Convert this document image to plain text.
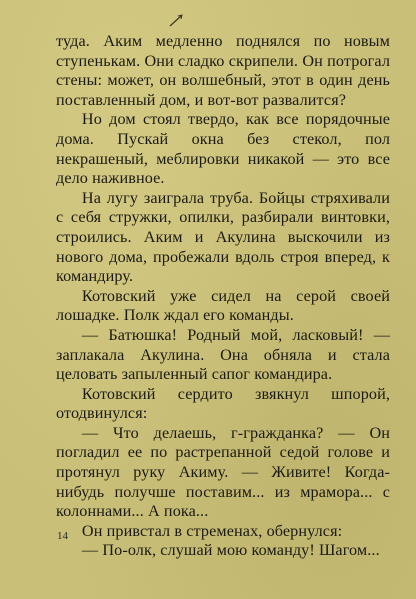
туда. Аким медленно поднялся по новым ступенькам. Они сладко скрипели. Он потрогал стены: может, он волшебный, этот в один день поставленный дом, и вот-вот развалится?

Но дом стоял твердо, как все порядочные дома. Пускай окна без стекол, пол некрашеный, меблировки никакой — это все дело наживное.

На лугу заиграла труба. Бойцы стряхивали с себя стружки, опилки, разбирали винтовки, строились. Аким и Акулина выскочили из нового дома, пробежали вдоль строя вперед, к командиру.

Котовский уже сидел на серой своей лошадке. Полк ждал его команды.

— Батюшка! Родный мой, ласковый! — заплакала Акулина. Она обняла и стала целовать запыленный сапог командира.

Котовский сердито звякнул шпорой, отодвинулся:

— Что делаешь, г-гражданка? — Он погладил ее по растрепанной седой голове и протянул руку Акиму. — Живите! Когда-нибудь получше поставим... из мрамора... с колоннами... А пока...

Он привстал в стременах, обернулся:

— По-олк, слушай мою команду! Шагом...

14
